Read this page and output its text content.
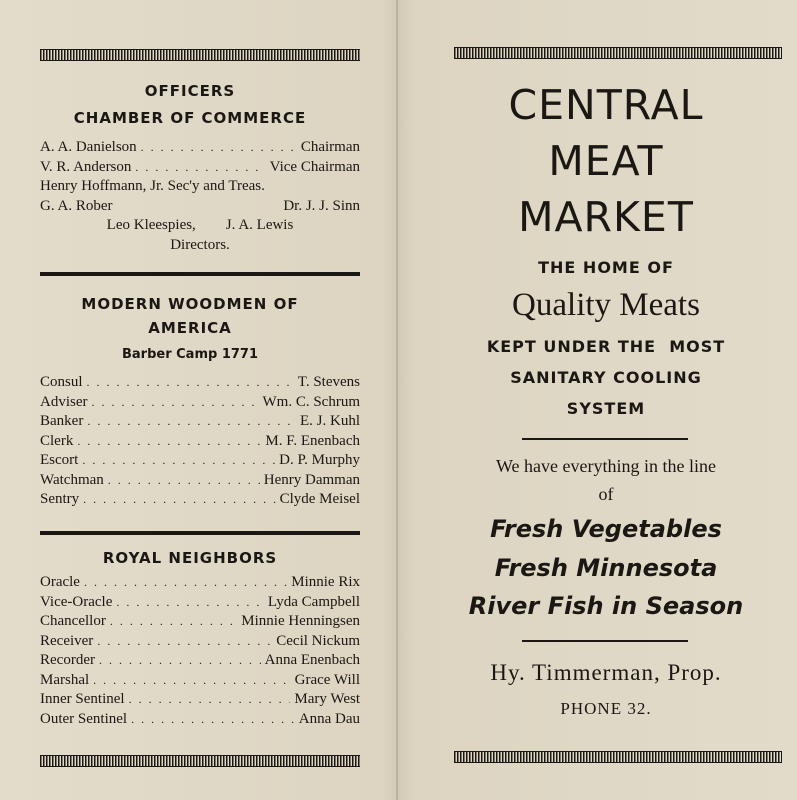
OFFICERS
CHAMBER OF COMMERCE
A. A. Danielson . . .	Chairman
V. R. Anderson . . .	Vice Chairman
Henry Hoffmann, Jr. Sec'y and Treas.
G. A. Rober	Dr. J. J. Sinn
Leo Kleespies,        J. A. Lewis
Directors.
MODERN WOODMEN OF
AMERICA
Barber Camp 1771
Consul . . .	T. Stevens
Adviser . . .	Wm. C. Schrum
Banker . . .	E. J. Kuhl
Clerk . . .	M. F. Enenbach
Escort . . .	D. P. Murphy
Watchman . . .	Henry Damman
Sentry . . .	Clyde Meisel
ROYAL NEIGHBORS
Oracle . . .	Minnie Rix
Vice-Oracle . . .	Lyda Campbell
Chancellor . . .	Minnie Henningsen
Receiver . . .	Cecil Nickum
Recorder . . .	Anna Enenbach
Marshal . . .	Grace Will
Inner Sentinel . . .	Mary West
Outer Sentinel . . .	Anna Dau
CENTRAL
MEAT
MARKET
THE HOME OF
Quality Meats
KEPT UNDER THE  MOST
SANITARY COOLING
SYSTEM
We have everything in the line
of
Fresh Vegetables
Fresh Minnesota
River Fish in Season
Hy. Timmerman, Prop.
PHONE 32.
